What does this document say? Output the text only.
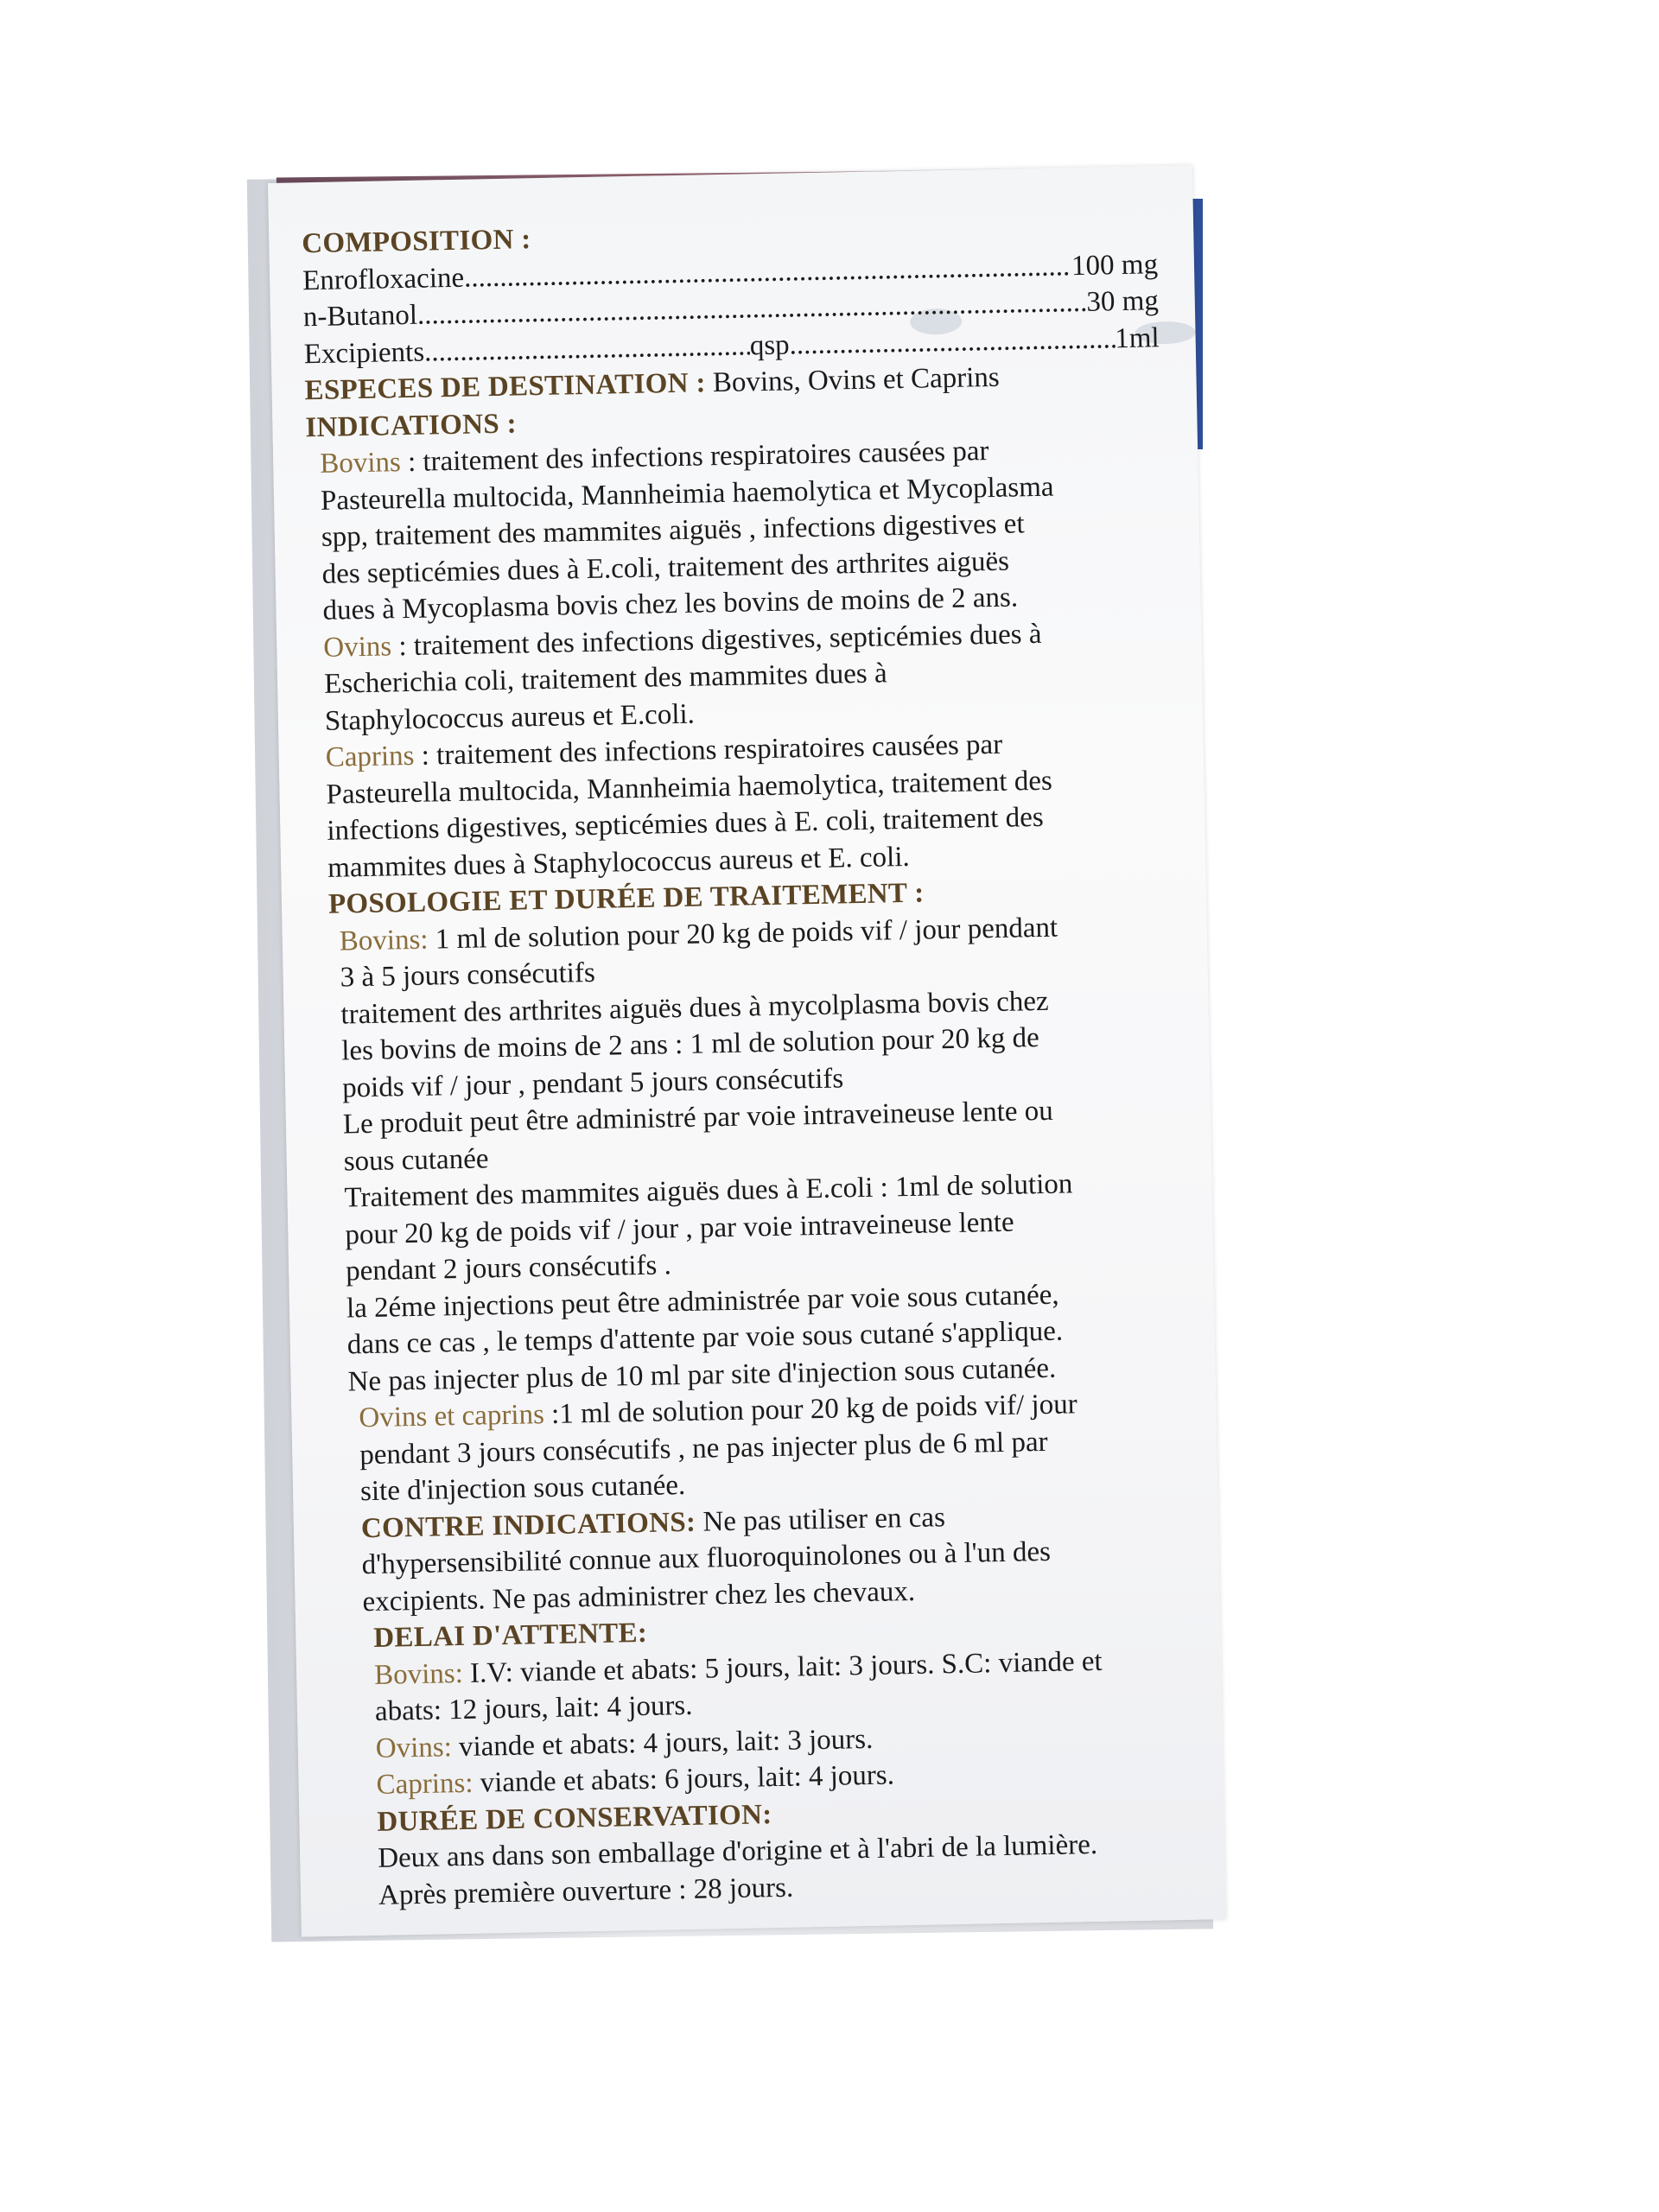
COMPOSITION :
Enrofloxacine .....	100 mg
n-Butanol .....	30 mg
Excipients .....	qsp .....	1ml
ESPECES DE DESTINATION : Bovins, Ovins et Caprins
INDICATIONS :
Bovins : traitement des infections respiratoires causées par
Pasteurella multocida, Mannheimia haemolytica et Mycoplasma
spp, traitement des mammites aiguës , infections digestives et
des septicémies dues à E.coli, traitement des arthrites aiguës
dues à Mycoplasma bovis chez les bovins de moins de 2 ans.
Ovins : traitement des infections digestives, septicémies dues à
Escherichia coli, traitement des mammites dues à
Staphylococcus aureus et E.coli.
Caprins : traitement des infections respiratoires causées par
Pasteurella multocida, Mannheimia haemolytica, traitement des
infections digestives, septicémies dues à E. coli, traitement des
mammites dues à Staphylococcus aureus et E. coli.
POSOLOGIE ET DURÉE DE TRAITEMENT :
Bovins: 1 ml de solution pour 20 kg de poids vif / jour pendant
3 à 5 jours consécutifs
traitement des arthrites aiguës dues à mycolplasma bovis chez
les bovins de moins de 2 ans : 1 ml de solution pour 20 kg de
poids vif / jour , pendant 5 jours consécutifs
Le produit peut être administré par voie intraveineuse lente ou
sous cutanée
Traitement des mammites aiguës dues à E.coli : 1ml de solution
pour 20 kg de poids vif / jour , par voie intraveineuse lente
pendant 2 jours consécutifs .
la 2éme injections peut être administrée par voie sous cutanée,
dans ce cas , le temps d'attente par voie sous cutané s'applique.
Ne pas injecter plus de 10 ml par site d'injection sous cutanée.
Ovins et caprins :1 ml de solution pour 20 kg de poids vif/ jour
pendant 3 jours consécutifs , ne pas injecter plus de 6 ml par
site d'injection sous cutanée.
CONTRE INDICATIONS: Ne pas utiliser en cas
d'hypersensibilité connue aux fluoroquinolones ou à l'un des
excipients. Ne pas administrer chez les chevaux.
DELAI D'ATTENTE:
Bovins: I.V: viande et abats: 5 jours, lait: 3 jours. S.C: viande et
abats: 12 jours, lait: 4 jours.
Ovins: viande et abats: 4 jours, lait: 3 jours.
Caprins: viande et abats: 6 jours, lait: 4 jours.
DURÉE DE CONSERVATION:
Deux ans dans son emballage d'origine et à l'abri de la lumière.
Après première ouverture : 28 jours.
